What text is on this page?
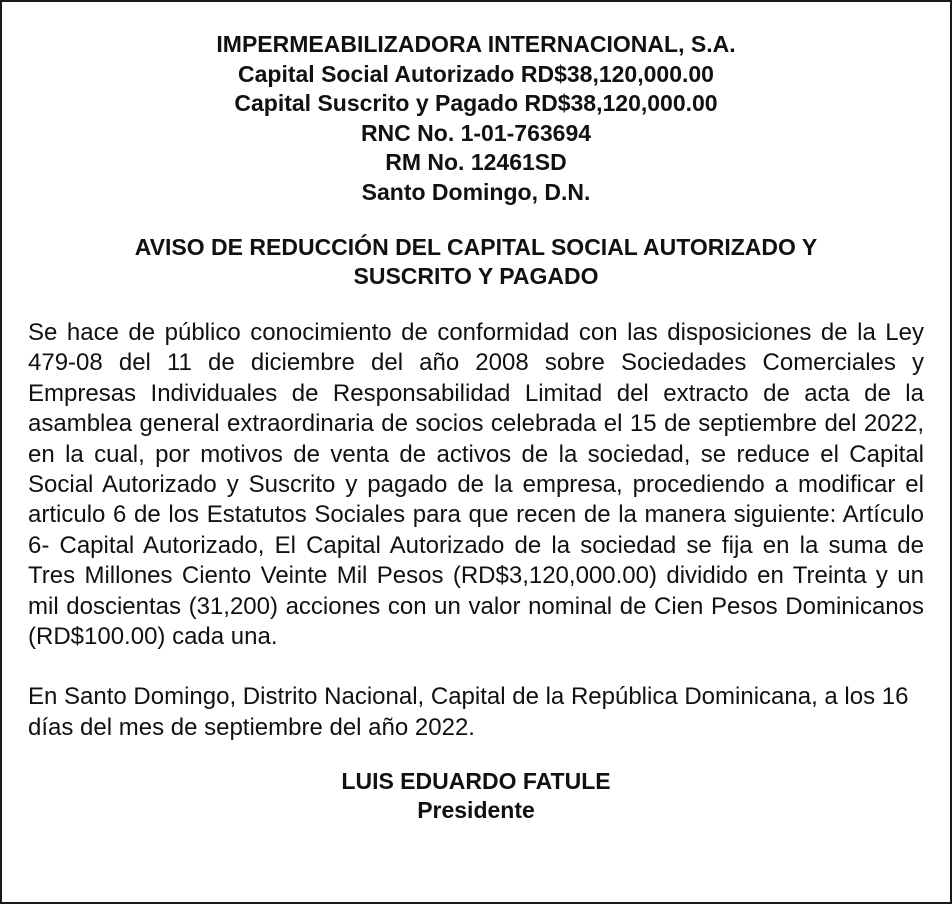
IMPERMEABILIZADORA INTERNACIONAL, S.A.
Capital Social Autorizado RD$38,120,000.00
Capital Suscrito y Pagado RD$38,120,000.00
RNC No. 1-01-763694
RM No. 12461SD
Santo Domingo, D.N.
AVISO DE REDUCCIÓN DEL CAPITAL SOCIAL AUTORIZADO Y
SUSCRITO Y PAGADO

Se hace de público conocimiento de conformidad con las disposiciones de la Ley 479-08 del 11 de diciembre del año 2008 sobre Sociedades Comerciales y Empresas Individuales de Responsabilidad Limitad del extracto de acta de la asamblea general extraordinaria de socios celebrada el 15 de septiembre del 2022, en la cual, por motivos de venta de activos de la sociedad, se reduce el Capital Social Autorizado y Suscrito y pagado de la empresa, procediendo a modificar el articulo 6 de los Estatutos Sociales para que recen de la manera siguiente: Artículo 6- Capital Autorizado, El Capital Autorizado de la sociedad se fija en la suma de Tres Millones Ciento Veinte Mil Pesos (RD$3,120,000.00) dividido en Treinta y un mil doscientas (31,200) acciones con un valor nominal de Cien Pesos Dominicanos (RD$100.00) cada una.

En Santo Domingo, Distrito Nacional, Capital de la República Dominicana, a los 16 días del mes de septiembre del año 2022.

LUIS EDUARDO FATULE
Presidente
